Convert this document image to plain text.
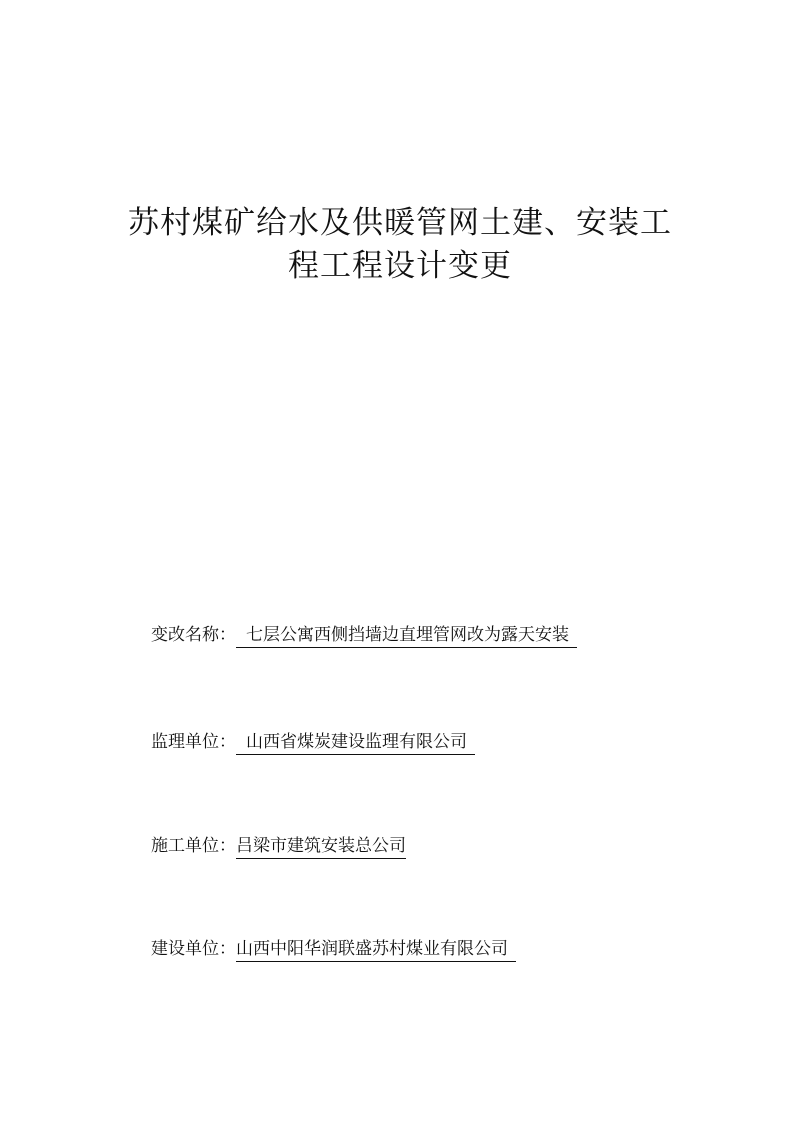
苏村煤矿给水及供暖管网土建、安装工
程工程设计变更
变改名称： 七层公寓西侧挡墙边直埋管网改为露天安装
监理单位： 山西省煤炭建设监理有限公司
施工单位：吕梁市建筑安装总公司
建设单位：山西中阳华润联盛苏村煤业有限公司
